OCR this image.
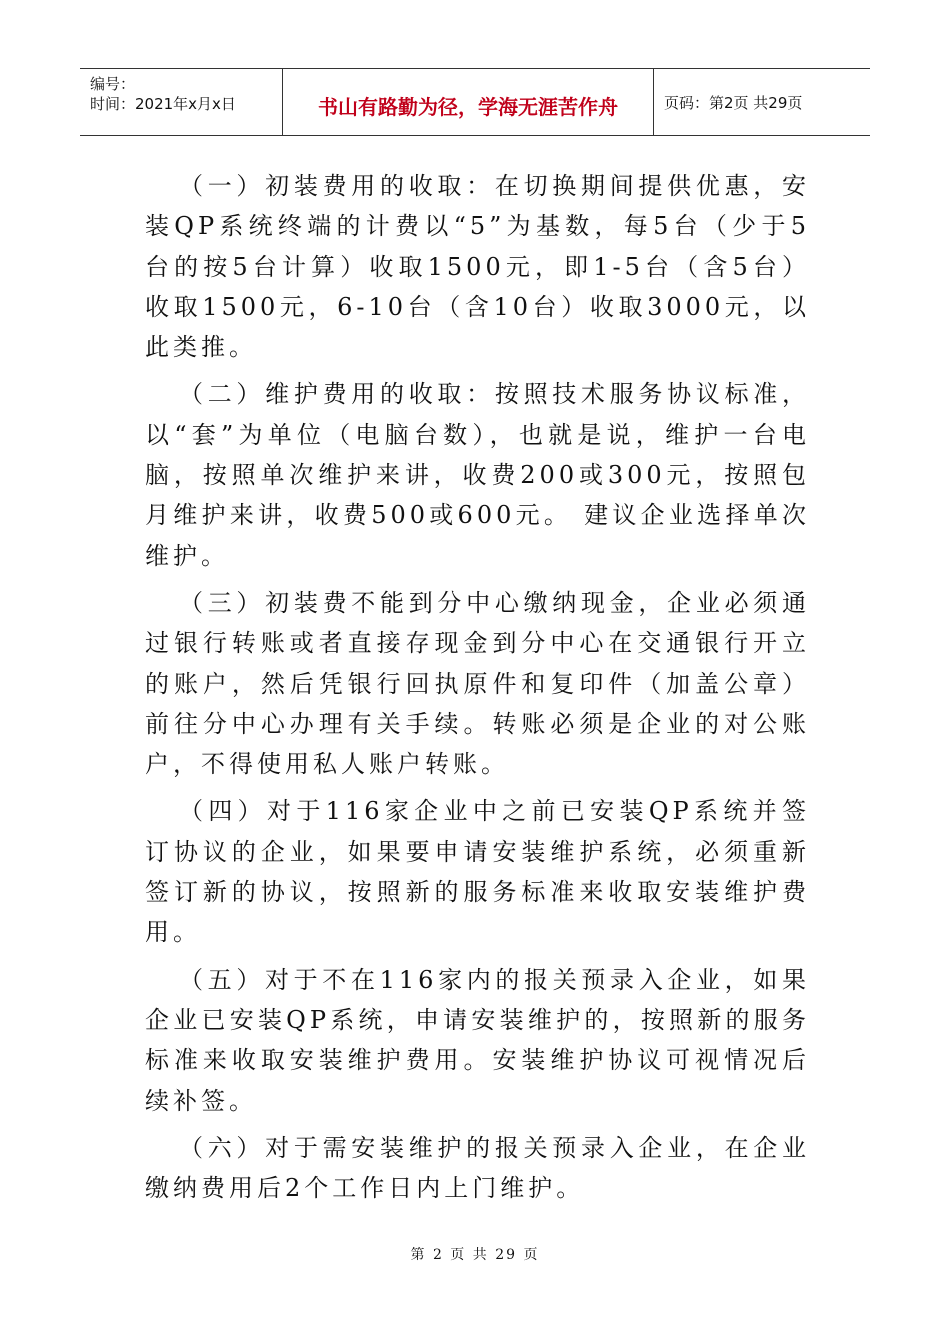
编号：
时间：2021年x月x日	书山有路勤为径，学海无涯苦作舟	页码：第2页 共29页

（一）初装费用的收取：在切换期间提供优惠，安装QP系统终端的计费以“5”为基数，每5台（少于5台的按5台计算）收取1500元，即1-5台（含5台）收取1500元，6-10台（含10台）收取3000元，以此类推。

（二）维护费用的收取：按照技术服务协议标准，以“套”为单位（电脑台数），也就是说，维护一台电脑，按照单次维护来讲，收费200或300元，按照包月维护来讲，收费500或600元。 建议企业选择单次维护。

（三）初装费不能到分中心缴纳现金，企业必须通过银行转账或者直接存现金到分中心在交通银行开立的账户，然后凭银行回执原件和复印件（加盖公章）前往分中心办理有关手续。转账必须是企业的对公账户，不得使用私人账户转账。

（四）对于116家企业中之前已安装QP系统并签订协议的企业，如果要申请安装维护系统，必须重新签订新的协议，按照新的服务标准来收取安装维护费用。

（五）对于不在116家内的报关预录入企业，如果企业已安装QP系统，申请安装维护的，按照新的服务标准来收取安装维护费用。安装维护协议可视情况后续补签。

（六）对于需安装维护的报关预录入企业，在企业缴纳费用后2个工作日内上门维护。

第 2 页 共 29 页
